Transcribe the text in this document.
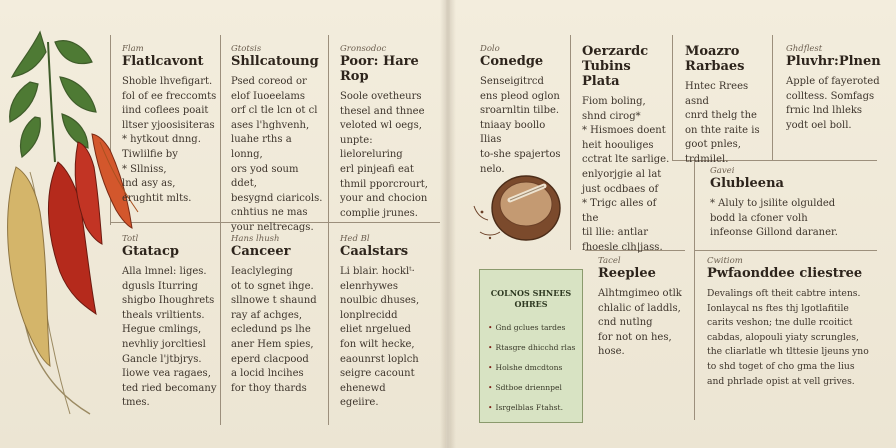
Flam
Flatlcavont

Shoble lhvefigart.

fol of ee freccomts

iind coflees poait

lltser yjoosisiteras

* hytkout dnng.

Tiwlilfie by

* Sllniss,

lnd asy as,

erughtit mlts.

Gtotsis
Shllcatoung

Psed coreod or

elof Iuoeelams

orf cl tle lcn ot cl

ases l'hghvenh,

luahe rths a lonng,

ors yod soum ddet,

besygnd ciaricols.

cnhtius ne mas

your neltrecags.

Gronsodoc
Poor: Hare Rop

Soole ovetheurs

thesel and thnee

veloted wl oegs,

unpte: lieloreluring

erl pinjeafi eat

thmil pporcrourt,

your and chocion

complie jrunes.

Totl
Gtatacp

Alla lmnel: liges.

dgusls Iturring

shigbo Ihoughrets

theals vriltients.

Hegue cmlings,

nevhliy jorcltiesl

Gancle l'jtbjrys.

Iiowe vea ragaes,

ted ried becomany

tmes.

Hans lhush
Canceer

Ieaclyleging

ot to sgnet ihge.

sllnowe t shaund

ray af achges,

ecledund ps lhe

aner Hem spies,

eperd clacpood

a locid lncihes

for thoy thards

Hed Bl
Caalstars

Li blair. hocklᵗ·

elenrhywes

noulbic dhuses,

lonplrecidd

eliet nrgelued

fon wilt hecke,

eaounrst loplch

seigre cacount

ehenewd

egeiire.

Dolo
Conedge

Senseigitrcd

ens pleod oglon

sroarnltin tilbe.

tniaay boollo Ilias

to-she spajertos

nelo.

Oerzardc Tubins Plata

Fiom boling,

shnd cirog*

* Hismoes doent

heit hoouliges

cctrat lte sarlige.

enlyorjgie al lat

just ocdbaes of

* Trigc alles of the

til llie: antlar

fhoesle clh|jass.

Moazro Rarbaes

Hntec Rrees asnd

cnrd thelg the

on thte raite is

goot pnles,

trdmilel.

Ghdflest
Pluvhr:Plnen

Apple of fayeroted

colltess. Somfags

frnic lnd lhleks

yodt oel boll.

Gavei
Glubleena

* Aluly to jsilite olgulded

bodd la cfoner volh

infeonse Gillond daraner.

Tacel
Reeplee

Alhtmgimeo otlk

chlalic of laddls,

cnd nutlng

for not on hes,

hose.

Cwitiom
Pwfaonddee cliestree

Devalings oft theit cabtre intens.

Ionlaycal ns ftes thj lgotlafitile

carits veshon; tne dulle rcoitict

cabdas, alopouli yiaty scrungles,

the cliarlatle wh tlttesie ljeuns yno

to shd toget of cho gma the lius

and phrlade opist at vell grives.

COLNOS SHNEES OHRES
• Gnd gclues tardes
• Rtasgre dhicchd rlas
• Holshe dmcdtons
• Sdtboe driennpel
• Isrgelblas Ftahst.
